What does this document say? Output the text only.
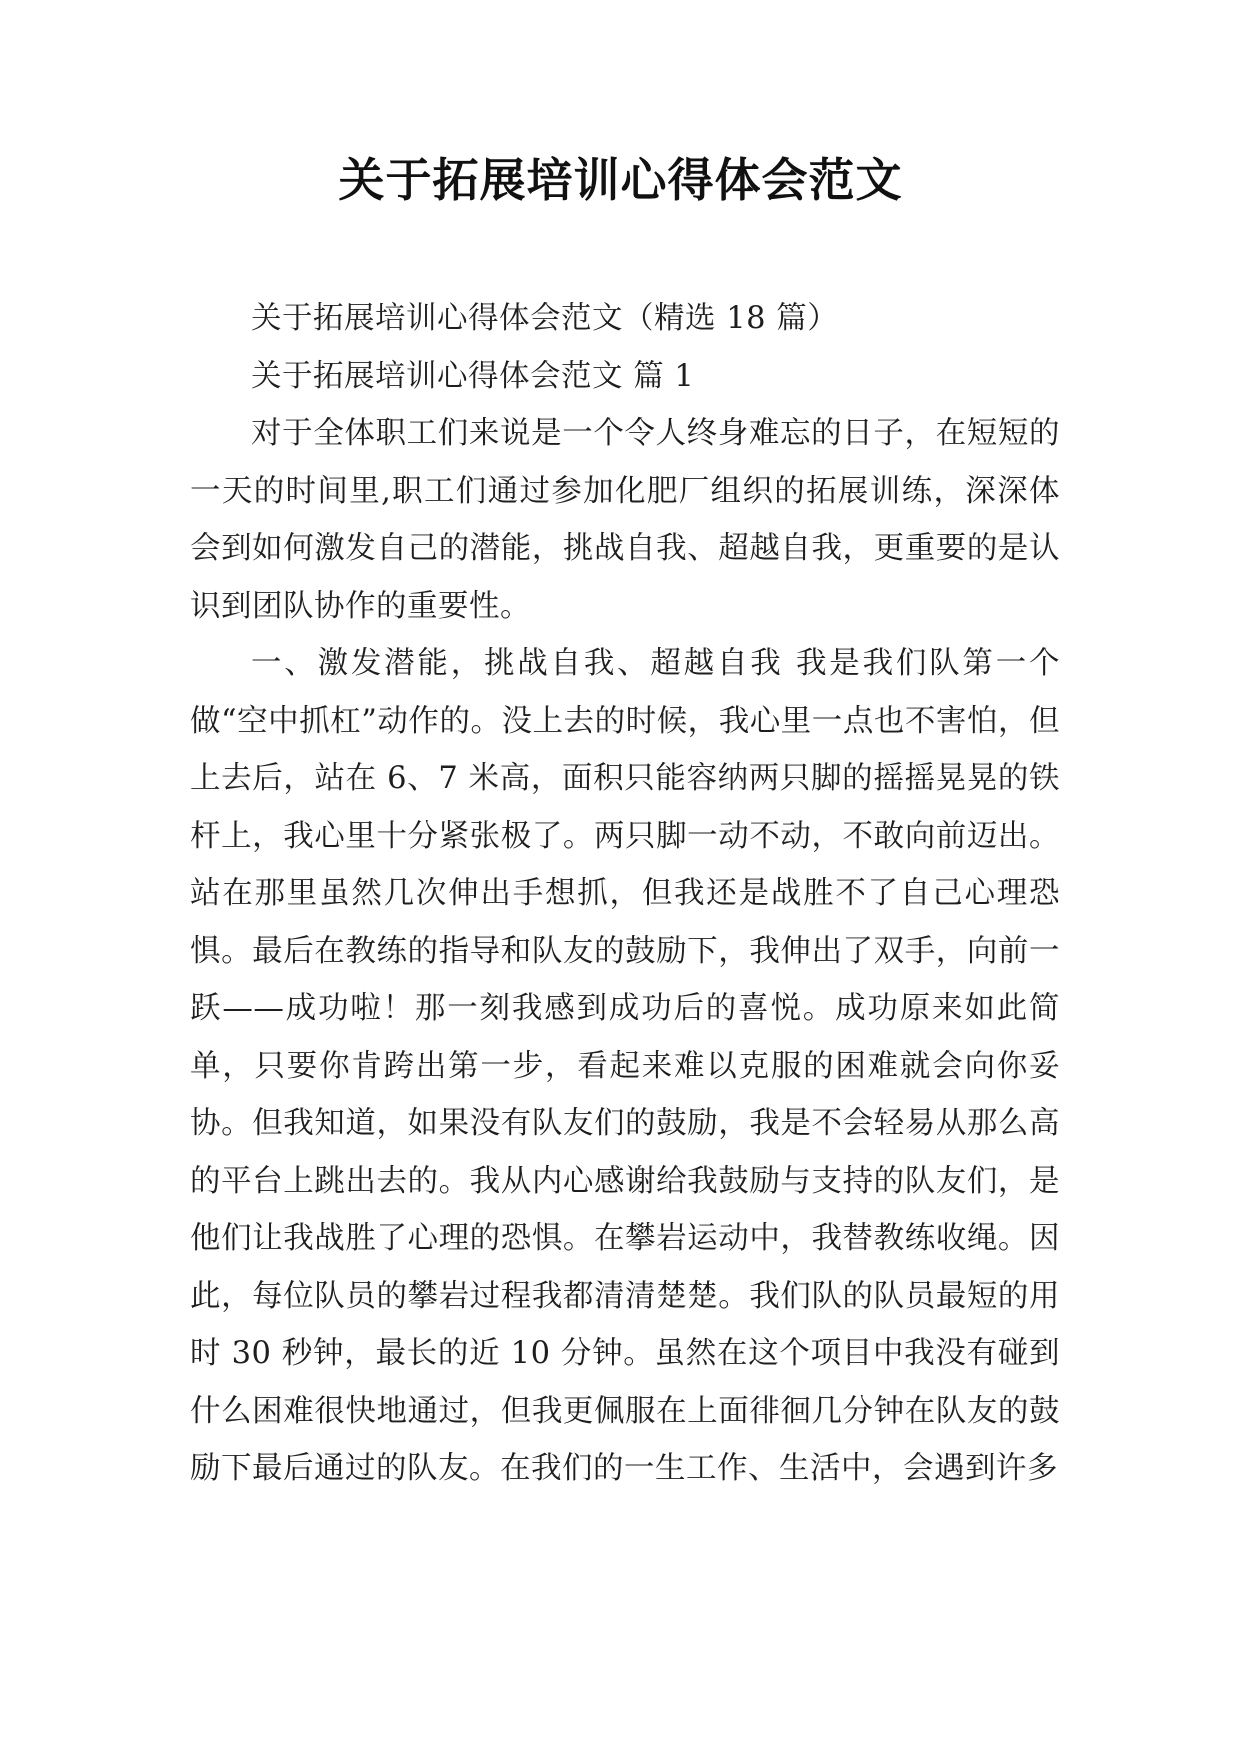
关于拓展培训心得体会范文

关于拓展培训心得体会范文（精选 18 篇）

关于拓展培训心得体会范文 篇 1

对于全体职工们来说是一个令人终身难忘的日子，在短短的一天的时间里,职工们通过参加化肥厂组织的拓展训练，深深体会到如何激发自己的潜能，挑战自我、超越自我，更重要的是认识到团队协作的重要性。

一、激发潜能，挑战自我、超越自我 我是我们队第一个做“空中抓杠”动作的。没上去的时候，我心里一点也不害怕，但上去后，站在 6、7 米高，面积只能容纳两只脚的摇摇晃晃的铁杆上，我心里十分紧张极了。两只脚一动不动，不敢向前迈出。站在那里虽然几次伸出手想抓，但我还是战胜不了自己心理恐惧。最后在教练的指导和队友的鼓励下，我伸出了双手，向前一跃——成功啦！那一刻我感到成功后的喜悦。成功原来如此简单，只要你肯跨出第一步，看起来难以克服的困难就会向你妥协。但我知道，如果没有队友们的鼓励，我是不会轻易从那么高的平台上跳出去的。我从内心感谢给我鼓励与支持的队友们，是他们让我战胜了心理的恐惧。在攀岩运动中，我替教练收绳。因此，每位队员的攀岩过程我都清清楚楚。我们队的队员最短的用时 30 秒钟，最长的近 10 分钟。虽然在这个项目中我没有碰到什么困难很快地通过，但我更佩服在上面徘徊几分钟在队友的鼓励下最后通过的队友。在我们的一生工作、生活中，会遇到许多
